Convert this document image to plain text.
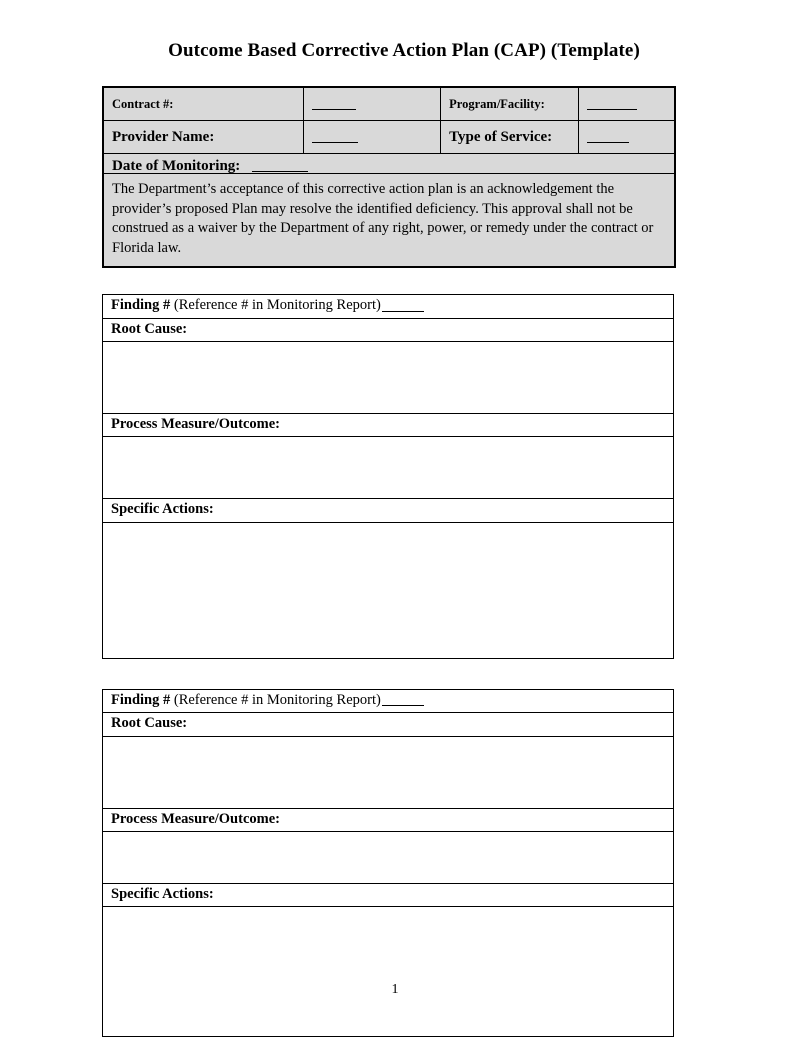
Outcome Based Corrective Action Plan (CAP) (Template)
Contract #:		Program/Facility:	
Provider Name:		Type of Service:	
Date of Monitoring:
The Department’s acceptance of this corrective action plan is an acknowledgement the provider’s proposed Plan may resolve the identified deficiency. This approval shall not be construed as a waiver by the Department of any right, power, or remedy under the contract or Florida law.
Finding # (Reference # in Monitoring Report)
Root Cause:
Process Measure/Outcome:
Specific Actions:
Finding # (Reference # in Monitoring Report)
Root Cause:
Process Measure/Outcome:
Specific Actions:
1
